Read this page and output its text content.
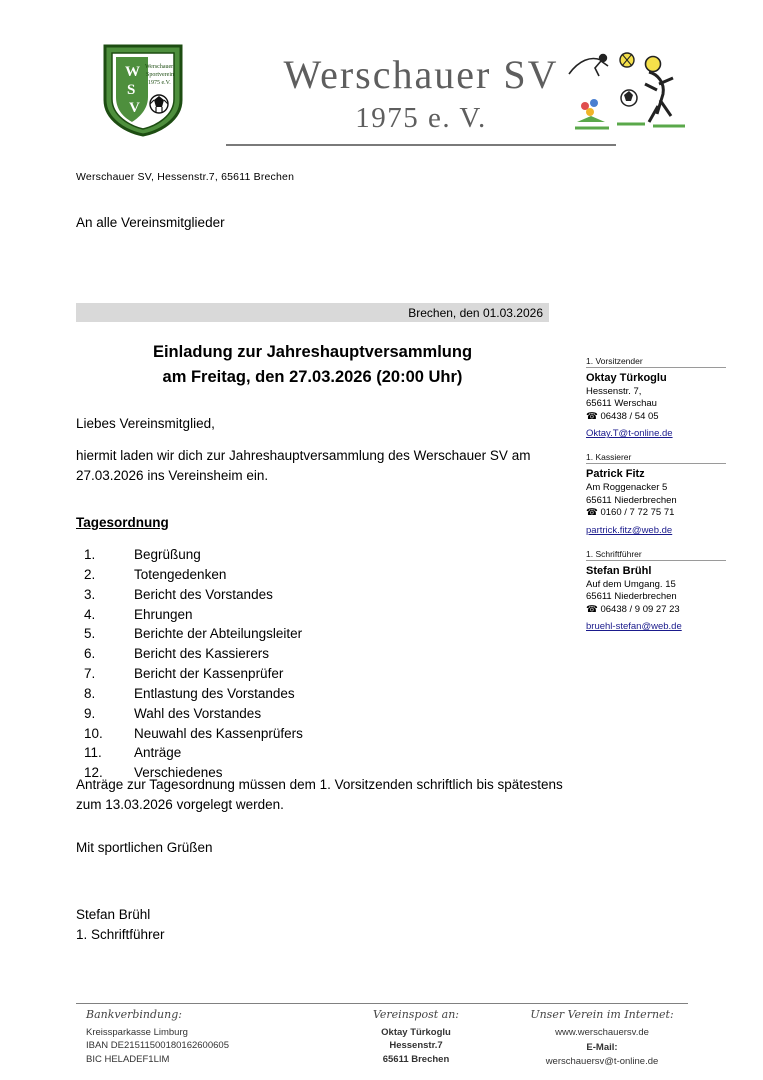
W
S
V
Werschauer
Sportverein
1975 e.V.	Werschauer SV
1975 e. V.
Werschauer SV, Hessenstr.7, 65611 Brechen
An alle Vereinsmitglieder
Brechen, den 01.03.2026
Einladung zur Jahreshauptversammlung
am Freitag, den 27.03.2026 (20:00 Uhr)
Liebes Vereinsmitglied,
hiermit laden wir dich zur Jahreshauptversammlung des Werschauer SV am 27.03.2026 ins Vereinsheim ein.
Tagesordnung
1.	Begrüßung
2.	Totengedenken
3.	Bericht des Vorstandes
4.	Ehrungen
5.	Berichte der Abteilungsleiter
6.	Bericht des Kassierers
7.	Bericht der Kassenprüfer
8.	Entlastung des Vorstandes
9.	Wahl des Vorstandes
10.	Neuwahl des Kassenprüfers
11.	Anträge
12.	Verschiedenes
Anträge zur Tagesordnung müssen dem 1. Vorsitzenden schriftlich bis spätestens zum 13.03.2026 vorgelegt werden.
Mit sportlichen Grüßen
Stefan Brühl
1. Schriftführer
1. Vorsitzender
Oktay Türkoglu
Hessenstr. 7,
65611 Werschau
☎ 06438 / 54 05
Oktay.T@t-online.de
1. Kassierer
Patrick Fitz
Am Roggenacker 5
65611 Niederbrechen
☎ 0160 / 7 72 75 71
partrick.fitz@web.de
1. Schriftführer
Stefan Brühl
Auf dem Umgang. 15
65611 Niederbrechen
☎ 06438 / 9 09 27 23
bruehl-stefan@web.de
Bankverbindung:
Kreissparkasse Limburg
IBAN DE21511500180162600605
BIC HELADEF1LIM
Vereinspost an:
Oktay Türkoglu
Hessenstr.7
65611 Brechen
Unser Verein im Internet:
www.werschauersv.de
E-Mail:
werschauersv@t-online.de
